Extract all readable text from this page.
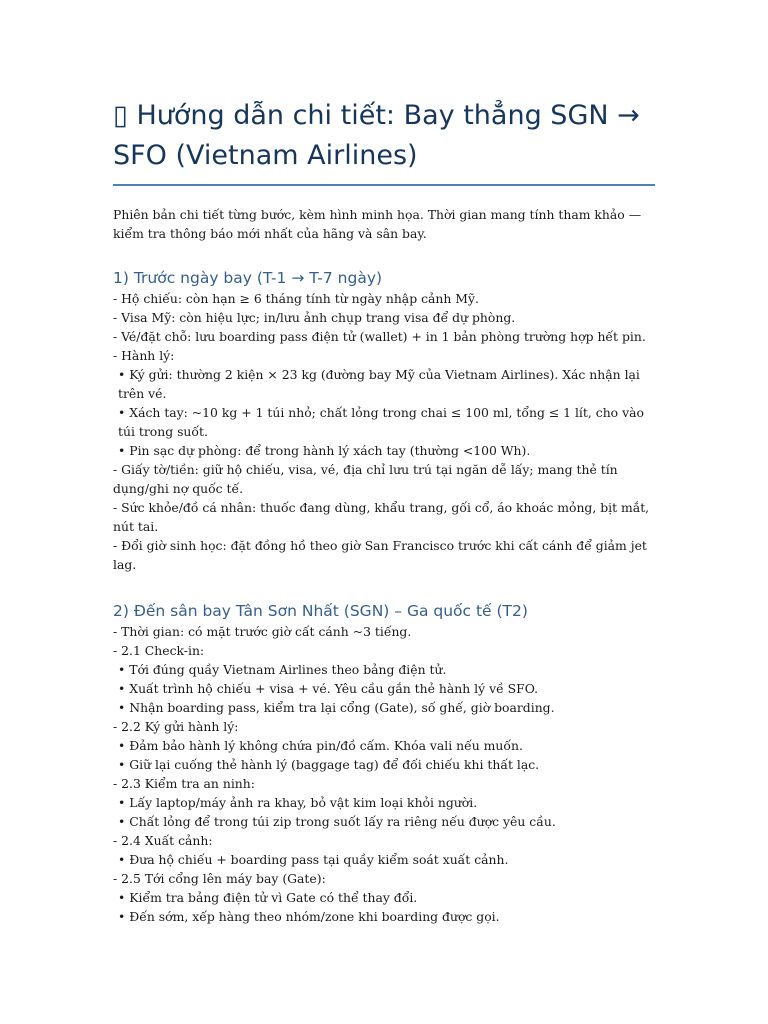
▯ Hướng dẫn chi tiết: Bay thẳng SGN → SFO (Vietnam Airlines)

Phiên bản chi tiết từng bước, kèm hình minh họa. Thời gian mang tính tham khảo — kiểm tra thông báo mới nhất của hãng và sân bay.

1) Trước ngày bay (T-1 → T-7 ngày)
- Hộ chiếu: còn hạn ≥ 6 tháng tính từ ngày nhập cảnh Mỹ.
- Visa Mỹ: còn hiệu lực; in/lưu ảnh chụp trang visa để dự phòng.
- Vé/đặt chỗ: lưu boarding pass điện tử (wallet) + in 1 bản phòng trường hợp hết pin.
- Hành lý:
• Ký gửi: thường 2 kiện × 23 kg (đường bay Mỹ của Vietnam Airlines). Xác nhận lại trên vé.
• Xách tay: ~10 kg + 1 túi nhỏ; chất lỏng trong chai ≤ 100 ml, tổng ≤ 1 lít, cho vào túi trong suốt.
• Pin sạc dự phòng: để trong hành lý xách tay (thường <100 Wh).
- Giấy tờ/tiền: giữ hộ chiếu, visa, vé, địa chỉ lưu trú tại ngăn dễ lấy; mang thẻ tín dụng/ghi nợ quốc tế.
- Sức khỏe/đồ cá nhân: thuốc đang dùng, khẩu trang, gối cổ, áo khoác mỏng, bịt mắt, nút tai.
- Đổi giờ sinh học: đặt đồng hồ theo giờ San Francisco trước khi cất cánh để giảm jet lag.
2) Đến sân bay Tân Sơn Nhất (SGN) – Ga quốc tế (T2)
- Thời gian: có mặt trước giờ cất cánh ~3 tiếng.
- 2.1 Check-in:
• Tới đúng quầy Vietnam Airlines theo bảng điện tử.
• Xuất trình hộ chiếu + visa + vé. Yêu cầu gắn thẻ hành lý về SFO.
• Nhận boarding pass, kiểm tra lại cổng (Gate), số ghế, giờ boarding.
- 2.2 Ký gửi hành lý:
• Đảm bảo hành lý không chứa pin/đồ cấm. Khóa vali nếu muốn.
• Giữ lại cuống thẻ hành lý (baggage tag) để đối chiếu khi thất lạc.
- 2.3 Kiểm tra an ninh:
• Lấy laptop/máy ảnh ra khay, bỏ vật kim loại khỏi người.
• Chất lỏng để trong túi zip trong suốt lấy ra riêng nếu được yêu cầu.
- 2.4 Xuất cảnh:
• Đưa hộ chiếu + boarding pass tại quầy kiểm soát xuất cảnh.
- 2.5 Tới cổng lên máy bay (Gate):
• Kiểm tra bảng điện tử vì Gate có thể thay đổi.
• Đến sớm, xếp hàng theo nhóm/zone khi boarding được gọi.
